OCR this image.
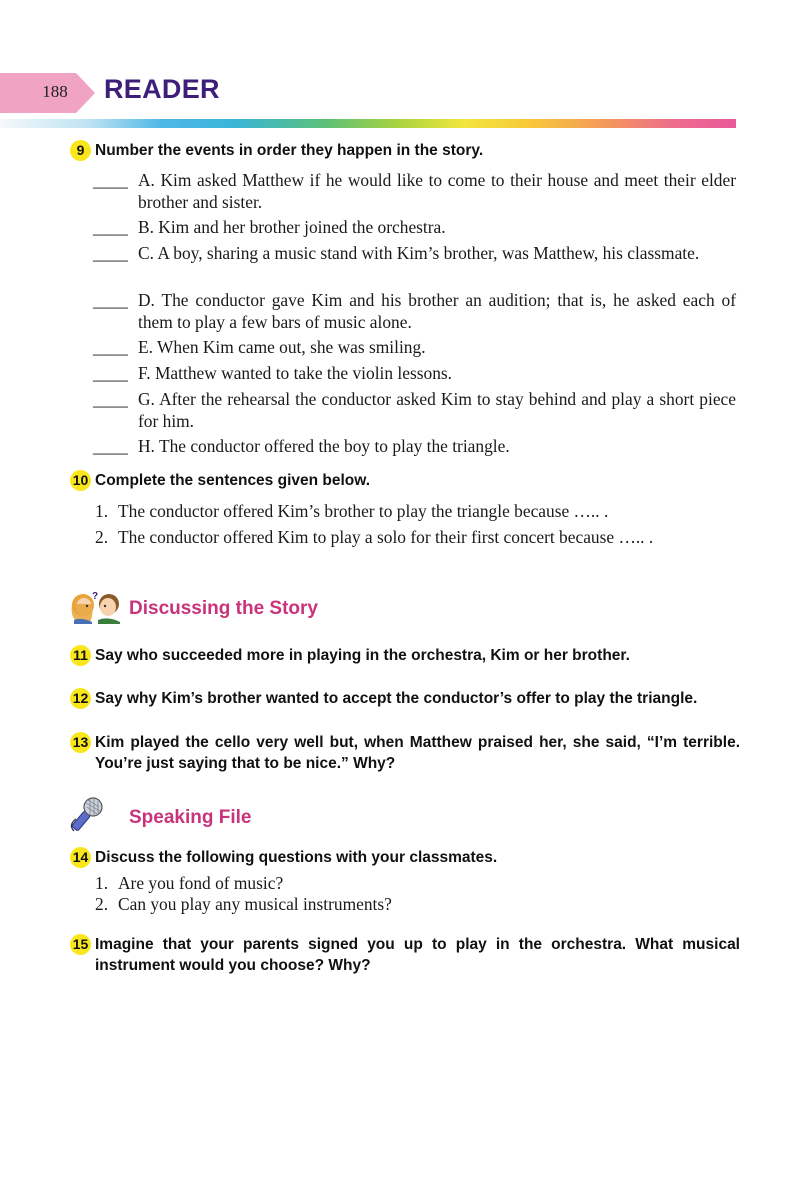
188	READER
9 Number the events in order they happen in the story.
____ A. Kim asked Matthew if he would like to come to their house and meet their elder brother and sister.
____ B. Kim and her brother joined the orchestra.
____ C. A boy, sharing a music stand with Kim’s brother, was Matthew, his classmate.
____ D. The conductor gave Kim and his brother an audition; that is, he asked each of them to play a few bars of music alone.
____ E. When Kim came out, she was smiling.
____ F. Matthew wanted to take the violin lessons.
____ G. After the rehearsal the conductor asked Kim to stay behind and play a short piece for him.
____ H. The conductor offered the boy to play the triangle.
10 Complete the sentences given below.
1. The conductor offered Kim’s brother to play the triangle because ….. .
2. The conductor offered Kim to play a solo for their first concert because ….. .
?
Discussing the Story
11 Say who succeeded more in playing in the orchestra, Kim or her brother.
12 Say why Kim’s brother wanted to accept the conductor’s offer to play the triangle.
13 Kim played the cello very well but, when Matthew praised her, she said, “I’m terrible. You’re just saying that to be nice.” Why?
Speaking File
14 Discuss the following questions with your classmates.
1. Are you fond of music?
2. Can you play any musical instruments?
15 Imagine that your parents signed you up to play in the orchestra. What musical instrument would you choose? Why?
